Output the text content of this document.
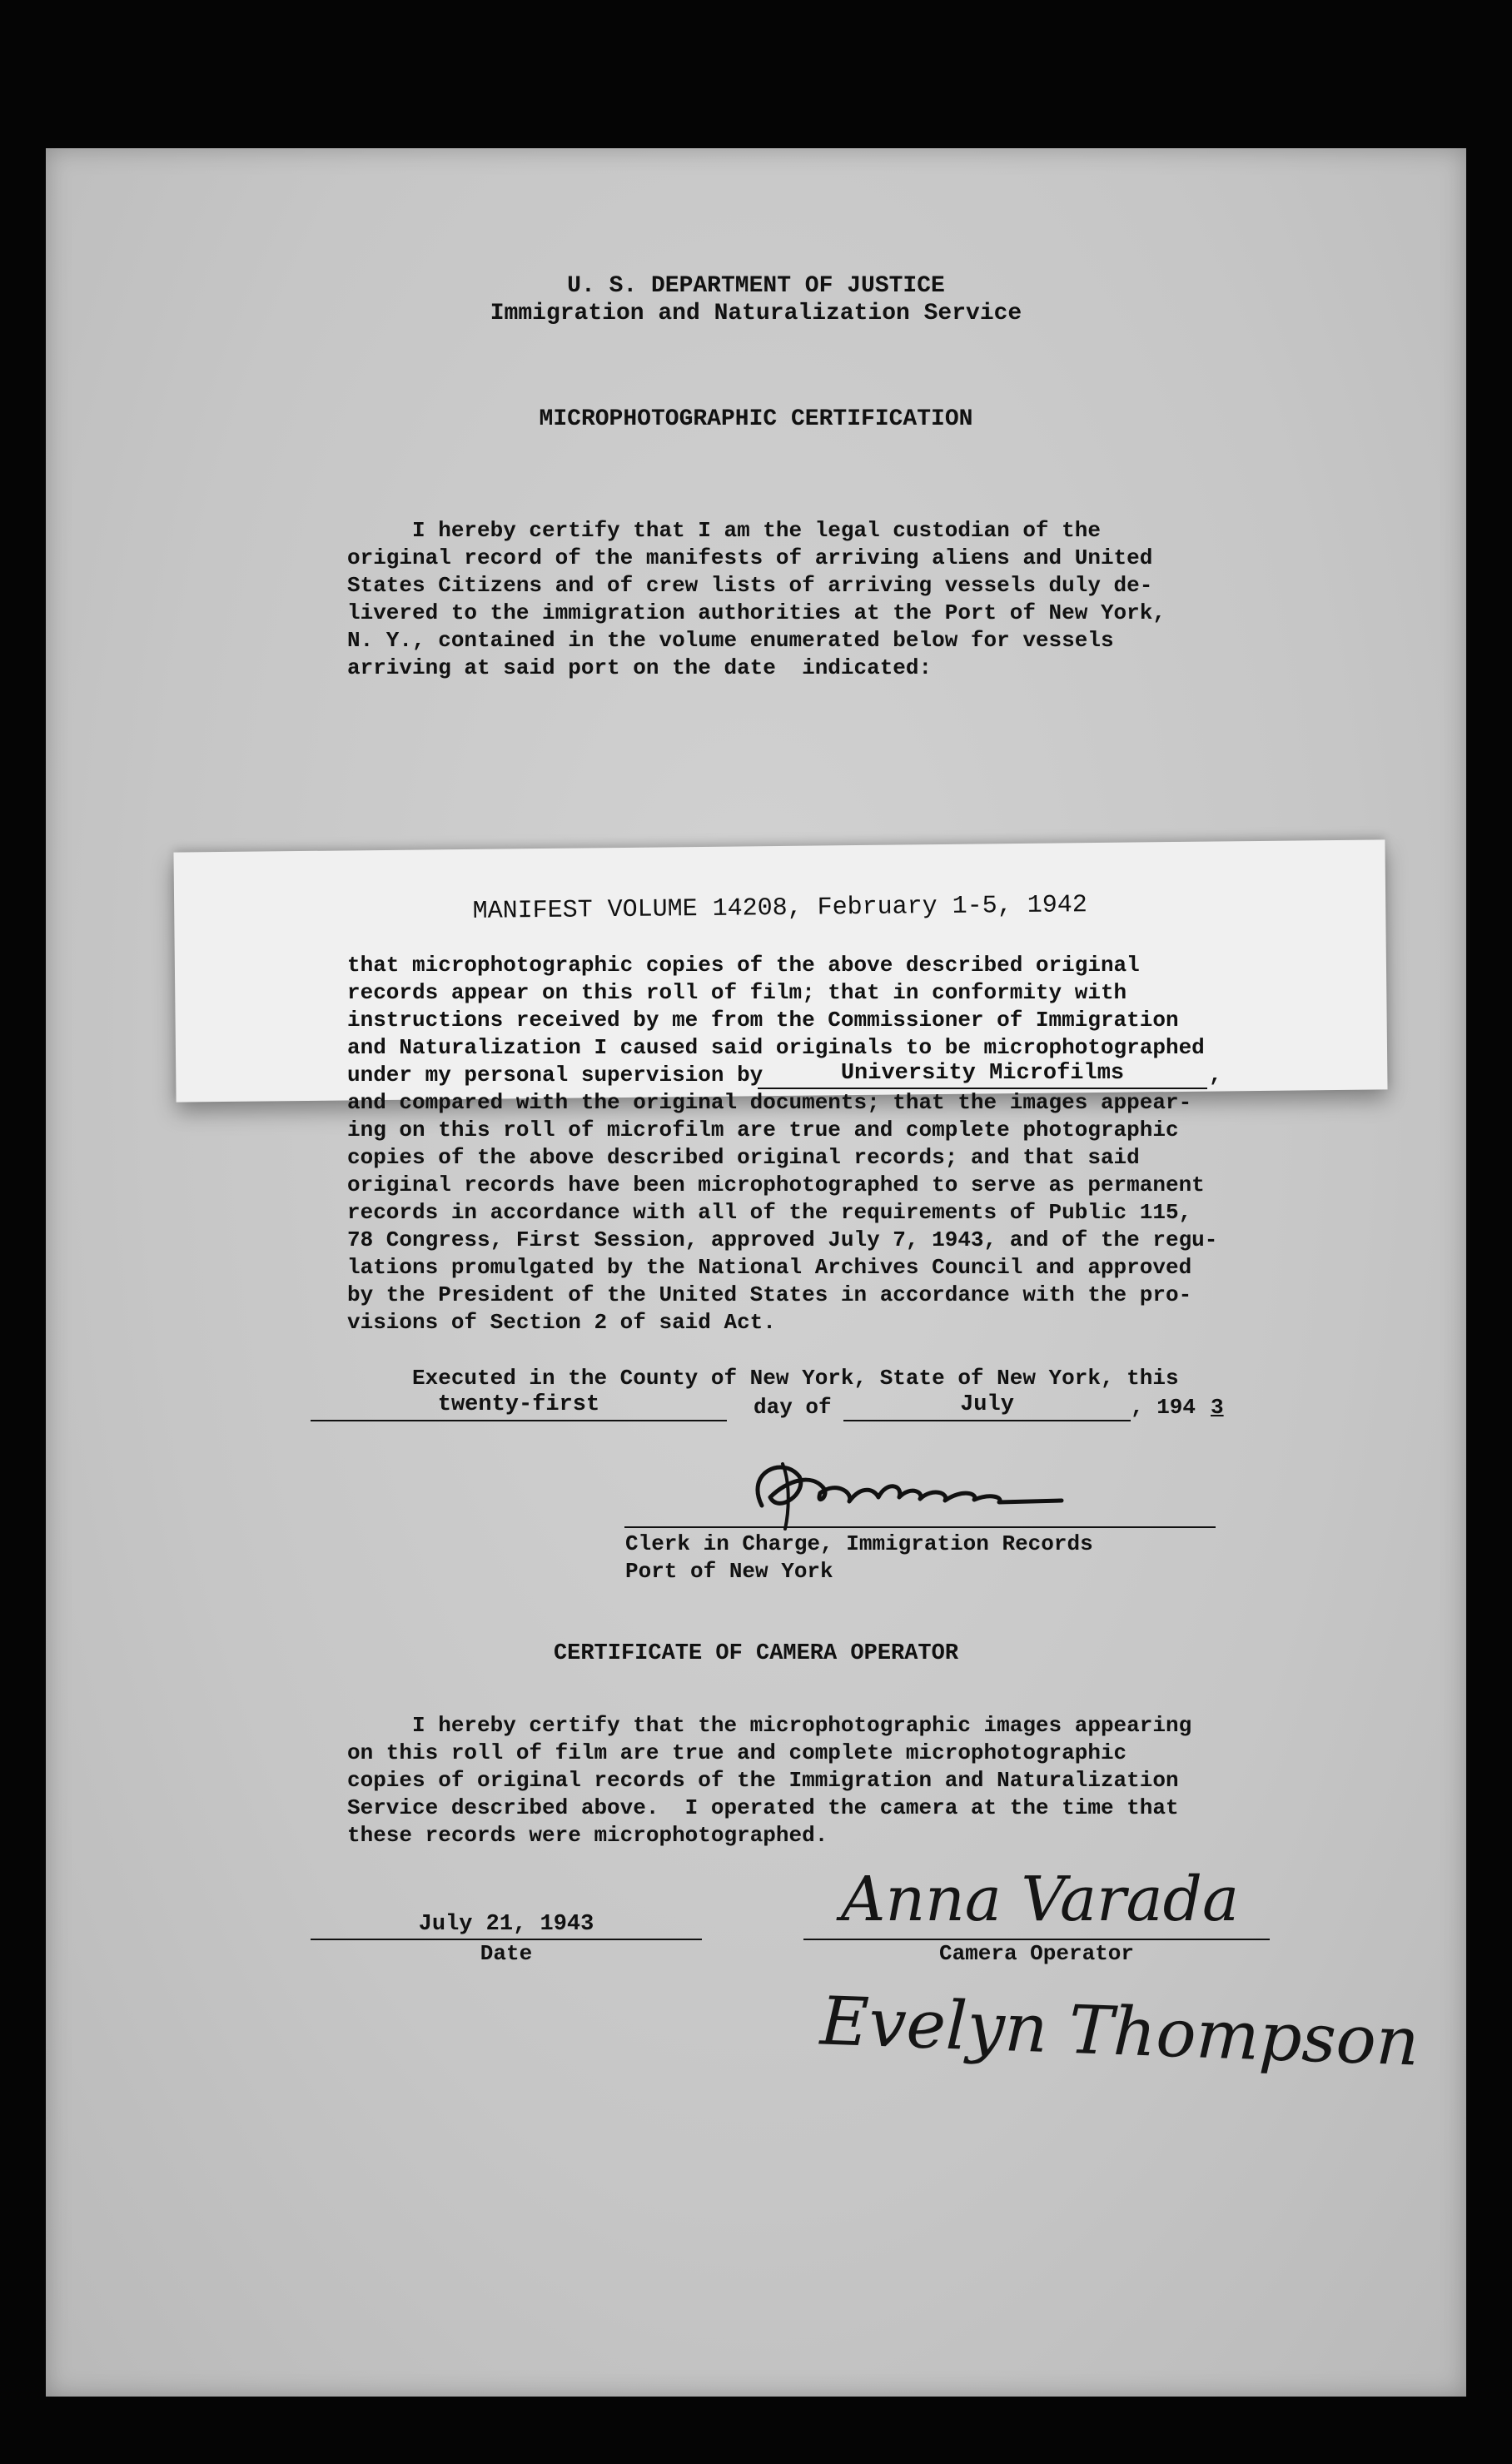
U. S. DEPARTMENT OF JUSTICE
Immigration and Naturalization Service
MICROPHOTOGRAPHIC CERTIFICATION
I hereby certify that I am the legal custodian of the
original record of the manifests of arriving aliens and United
States Citizens and of crew lists of arriving vessels duly de-
livered to the immigration authorities at the Port of New York,
N. Y., contained in the volume enumerated below for vessels
arriving at said port on the date  indicated:
MANIFEST VOLUME 14208, February 1-5, 1942
that microphotographic copies of the above described original
records appear on this roll of film; that in conformity with
instructions received by me from the Commissioner of Immigration
and Naturalization I caused said originals to be microphotographed
under my personal supervision by	University Microfilms	,
and compared with the original documents; that the images appear-
ing on this roll of microfilm are true and complete photographic
copies of the above described original records; and that said
original records have been microphotographed to serve as permanent
records in accordance with all of the requirements of Public 115,
78 Congress, First Session, approved July 7, 1943, and of the regu-
lations promulgated by the National Archives Council and approved
by the President of the United States in accordance with the pro-
visions of Section 2 of said Act.
Executed in the County of New York, State of New York, this
twenty-first	day of	July	, 194 3
Clerk in Charge, Immigration Records
Port of New York
CERTIFICATE OF CAMERA OPERATOR
I hereby certify that the microphotographic images appearing
on this roll of film are true and complete microphotographic
copies of original records of the Immigration and Naturalization
Service described above.  I operated the camera at the time that
these records were microphotographed.
July 21, 1943
Date
Anna Varada
Camera Operator
Evelyn Thompson
